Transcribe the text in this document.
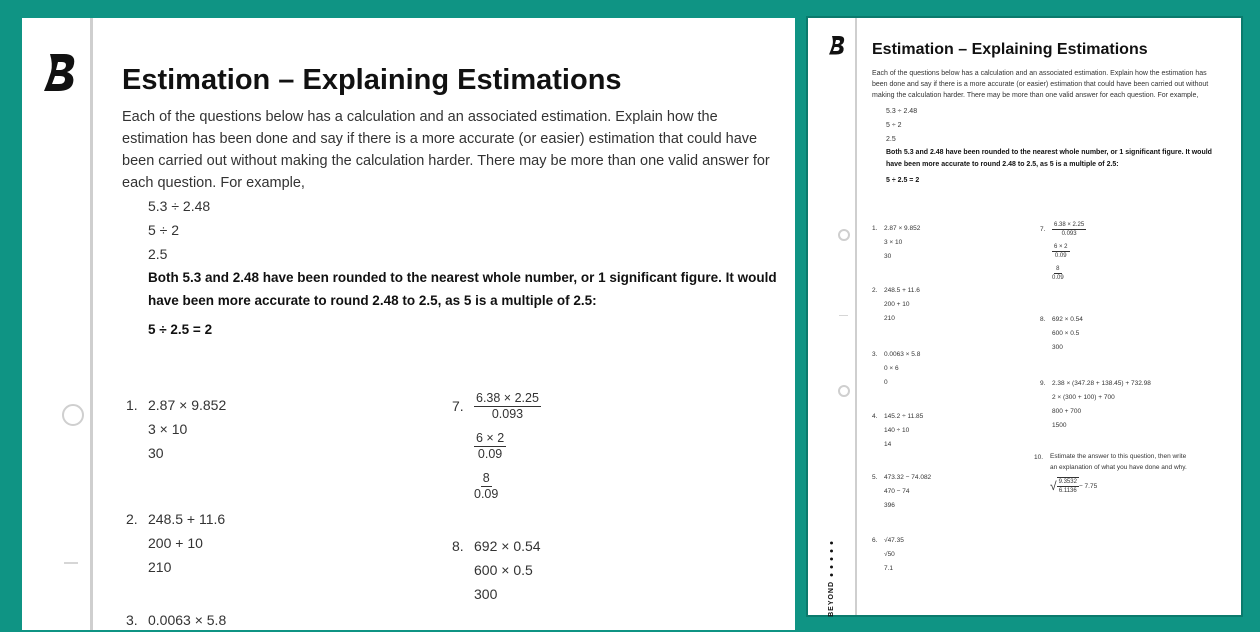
Estimation – Explaining Estimations
Each of the questions below has a calculation and an associated estimation. Explain how the estimation has been done and say if there is a more accurate (or easier) estimation that could have been carried out without making the calculation harder. There may be more than one valid answer for each question. For example,
5.3 ÷ 2.48
5 ÷ 2
2.5
Both 5.3 and 2.48 have been rounded to the nearest whole number, or 1 significant figure. It would have been more accurate to round 2.48 to 2.5, as 5 is a multiple of 2.5:
5 ÷ 2.5 = 2
1. 2.87 × 9.852
3 × 10
30
2. 248.5 + 11.6
200 + 10
210
3. 0.0063 × 5.8
7. $\frac{6.38 \times 2.25}{0.093}$
$\frac{6 \times 2}{0.09}$
$\frac{8}{0.09}$
8. 692 × 0.54
600 × 0.5
300
Estimation – Explaining Estimations
Each of the questions below has a calculation and an associated estimation. Explain how the estimation has been done and say if there is a more accurate (or easier) estimation that could have been carried out without making the calculation harder. There may be more than one valid answer for each question. For example,
5.3 ÷ 2.48
5 ÷ 2
2.5
Both 5.3 and 2.48 have been rounded to the nearest whole number, or 1 significant figure. It would have been more accurate to round 2.48 to 2.5, as 5 is a multiple of 2.5:
5 ÷ 2.5 = 2
1. 2.87 × 9.852
3 × 10
30
2. 248.5 + 11.6
200 + 10
210
3. 0.0063 × 5.8
0 × 6
0
4. 145.2 ÷ 11.85
140 ÷ 10
14
5. 473.32 − 74.082
470 − 74
396
6. √47.35
√50
7.1
7.	$\frac{6.38 \times 2.25}{0.093}$
$\frac{6 \times 2}{0.09}$
$\frac{8}{0.09}$
8. 692 × 0.54
600 × 0.5
300
9. 2.38 × (347.28 + 138.45) + 732.98
2 × (300 + 100) + 700
800 + 700
1500
10.	Estimate the answer to this question, then write an explanation of what you have done and why.
√ $\frac{9.3532}{6.1136} - 7.75$
BEYOND ●●●●●
